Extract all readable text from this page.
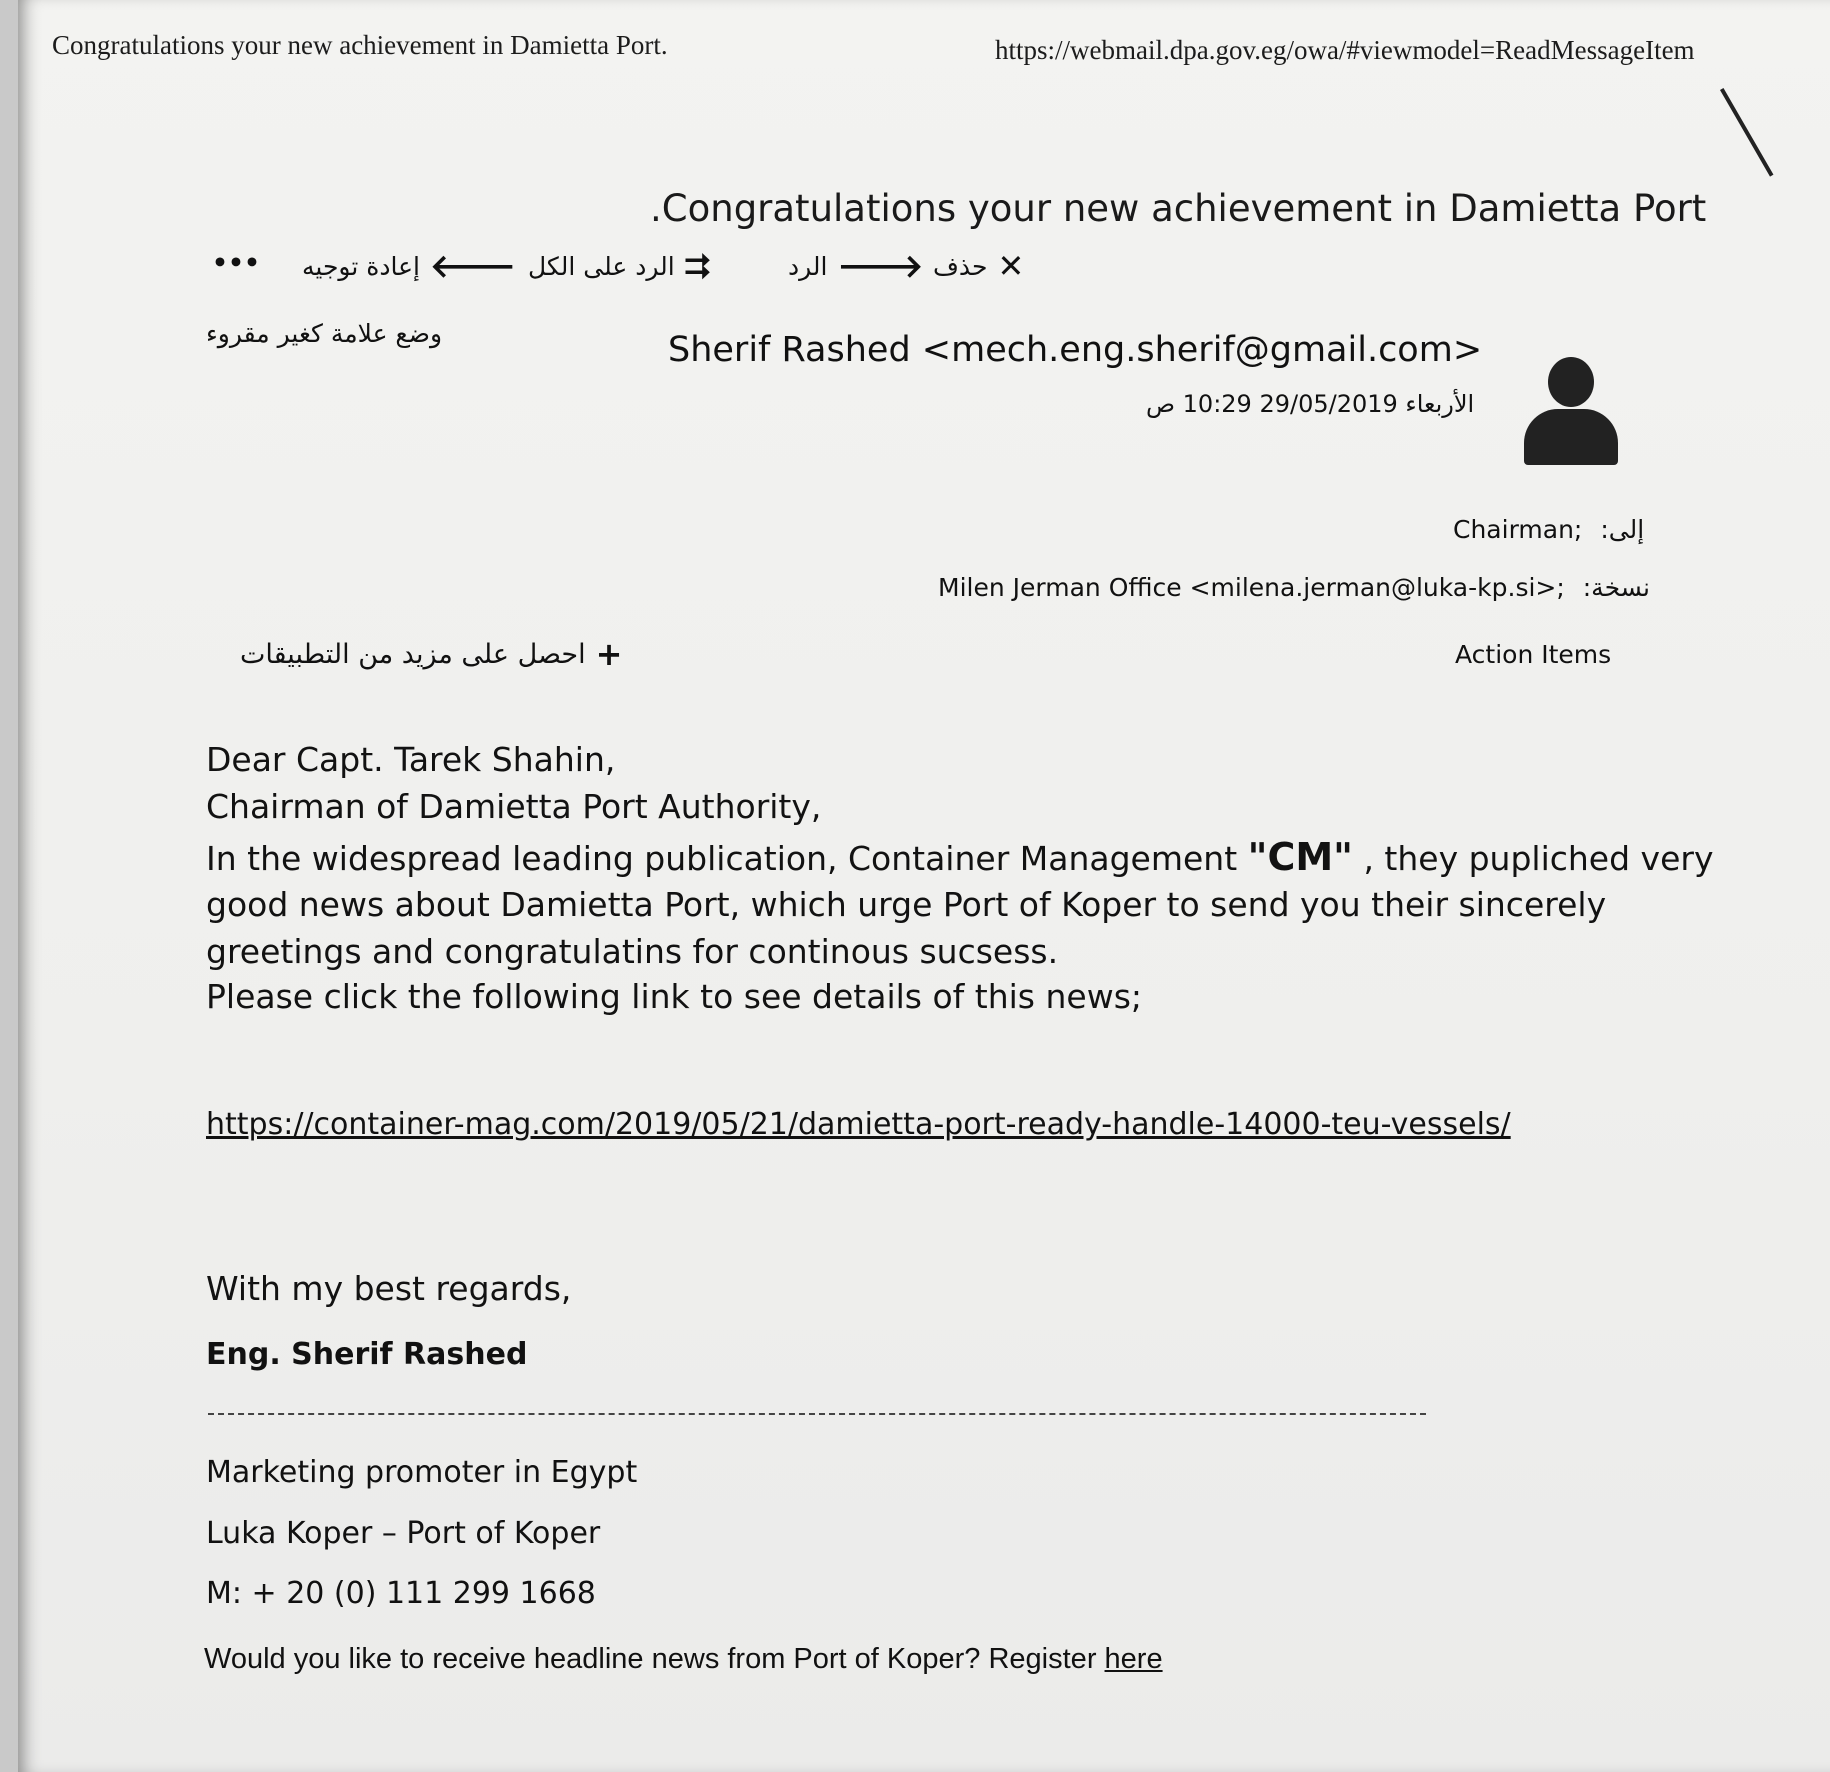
Congratulations your new achievement in Damietta Port.	https://webmail.dpa.gov.eg/owa/#viewmodel=ReadMessageItem
Congratulations your new achievement in Damietta Port.
•••	🡐
إعادة توجيه	⮆
الرد على الكل	🡒
الرد	✕
حذف
وضع علامة كغير مقروء	Sherif Rashed <mech.eng.sherif@gmail.com>
الأربعاء 29/05/2019 10:29 ص
إلى: Chairman;
نسخة: Milen Jerman Office <milena.jerman@luka-kp.si>;
Action Items
+
احصل على مزيد من التطبيقات
Dear Capt. Tarek Shahin,
Chairman of Damietta Port Authority,
In the widespread leading publication, Container Management "CM" , they pupliched very
good news about Damietta Port, which urge Port of Koper to send you their sincerely
greetings and congratulatins for continous sucsess.
Please click the following link to see details of this news;
https://container-mag.com/2019/05/21/damietta-port-ready-handle-14000-teu-vessels/
With my best regards,
Eng. Sherif Rashed
Marketing promoter in Egypt
Luka Koper – Port of Koper
M: + 20 (0) 111 299 1668
Would you like to receive headline news from Port of Koper? Register here
